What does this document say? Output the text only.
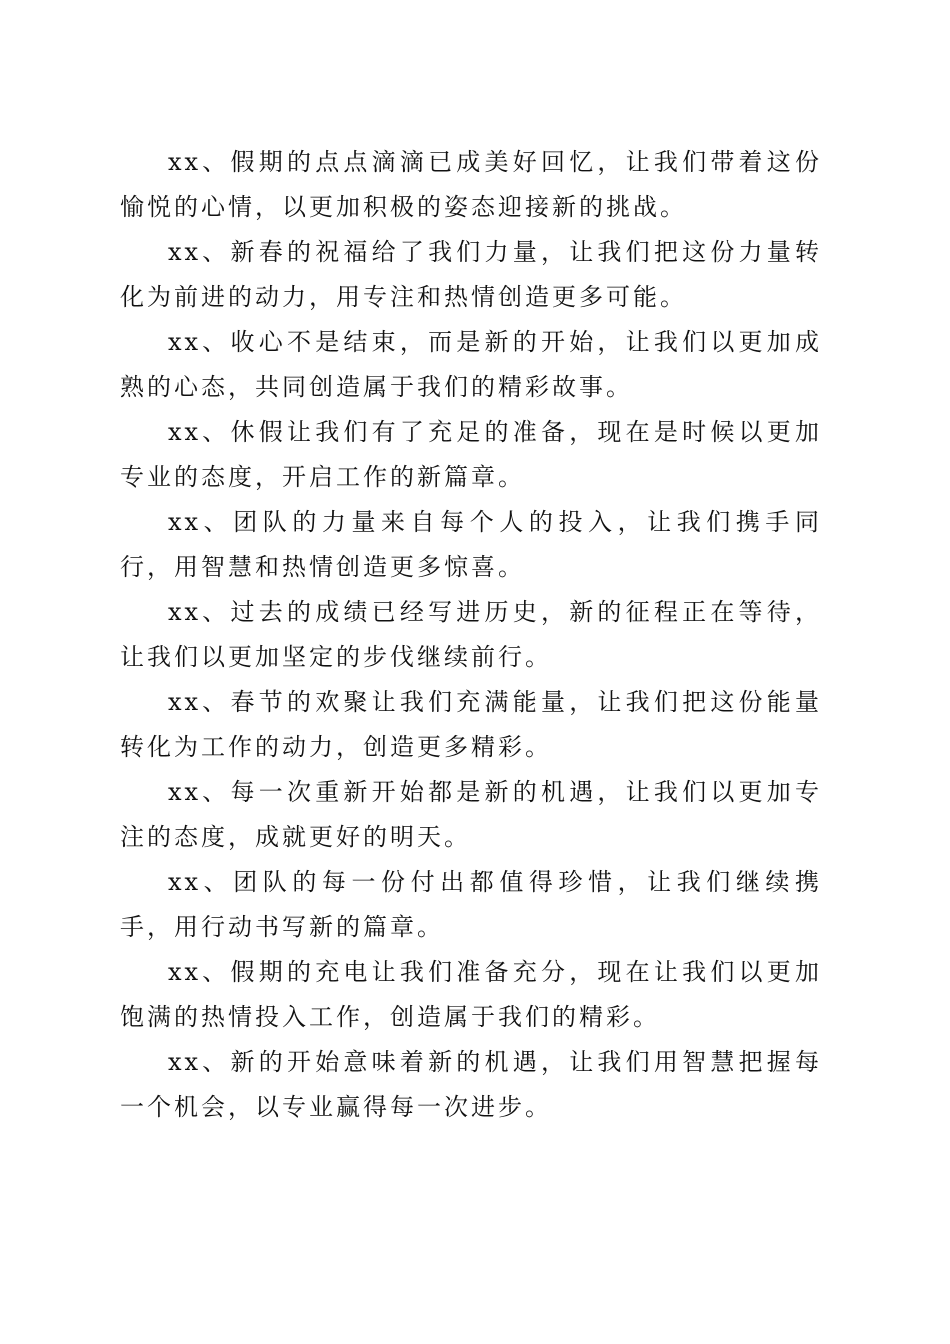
xx、假期的点点滴滴已成美好回忆，让我们带着这份愉悦的心情，以更加积极的姿态迎接新的挑战。

xx、新春的祝福给了我们力量，让我们把这份力量转化为前进的动力，用专注和热情创造更多可能。

xx、收心不是结束，而是新的开始，让我们以更加成熟的心态，共同创造属于我们的精彩故事。

xx、休假让我们有了充足的准备，现在是时候以更加专业的态度，开启工作的新篇章。

xx、团队的力量来自每个人的投入，让我们携手同行，用智慧和热情创造更多惊喜。

xx、过去的成绩已经写进历史，新的征程正在等待，让我们以更加坚定的步伐继续前行。

xx、春节的欢聚让我们充满能量，让我们把这份能量转化为工作的动力，创造更多精彩。

xx、每一次重新开始都是新的机遇，让我们以更加专注的态度，成就更好的明天。

xx、团队的每一份付出都值得珍惜，让我们继续携手，用行动书写新的篇章。

xx、假期的充电让我们准备充分，现在让我们以更加饱满的热情投入工作，创造属于我们的精彩。

xx、新的开始意味着新的机遇，让我们用智慧把握每一个机会，以专业赢得每一次进步。
